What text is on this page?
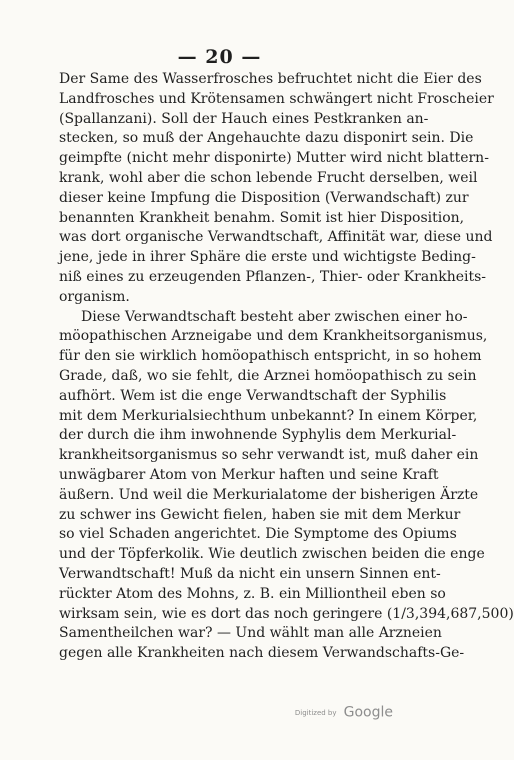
— 20 —
Der Same des Wasserfrosches befruchtet nicht die Eier des
Landfrosches und Krötensamen schwängert nicht Froscheier
(Spallanzani). Soll der Hauch eines Pestkranken an-
stecken, so muß der Angehauchte dazu disponirt sein. Die
geimpfte (nicht mehr disponirte) Mutter wird nicht blattern-
krank, wohl aber die schon lebende Frucht derselben, weil
dieser keine Impfung die Disposition (Verwandschaft) zur
benannten Krankheit benahm. Somit ist hier Disposition,
was dort organische Verwandtschaft, Affinität war, diese und
jene, jede in ihrer Sphäre die erste und wichtigste Beding-
niß eines zu erzeugenden Pflanzen-, Thier- oder Krankheits-
organism.
Diese Verwandtschaft besteht aber zwischen einer ho-
möopathischen Arzneigabe und dem Krankheitsorganismus,
für den sie wirklich homöopathisch entspricht, in so hohem
Grade, daß, wo sie fehlt, die Arznei homöopathisch zu sein
aufhört. Wem ist die enge Verwandtschaft der Syphilis
mit dem Merkurialsiechthum unbekannt? In einem Körper,
der durch die ihm inwohnende Syphylis dem Merkurial-
krankheitsorganismus so sehr verwandt ist, muß daher ein
unwägbarer Atom von Merkur haften und seine Kraft
äußern. Und weil die Merkurialatome der bisherigen Ärzte
zu schwer ins Gewicht fielen, haben sie mit dem Merkur
so viel Schaden angerichtet. Die Symptome des Opiums
und der Töpferkolik. Wie deutlich zwischen beiden die enge
Verwandtschaft! Muß da nicht ein unsern Sinnen ent-
rückter Atom des Mohns, z. B. ein Milliontheil eben so
wirksam sein, wie es dort das noch geringere (1/3,394,687,500)
Samentheilchen war? — Und wählt man alle Arzneien
gegen alle Krankheiten nach diesem Verwandschafts-Ge-
Digitized by Google
